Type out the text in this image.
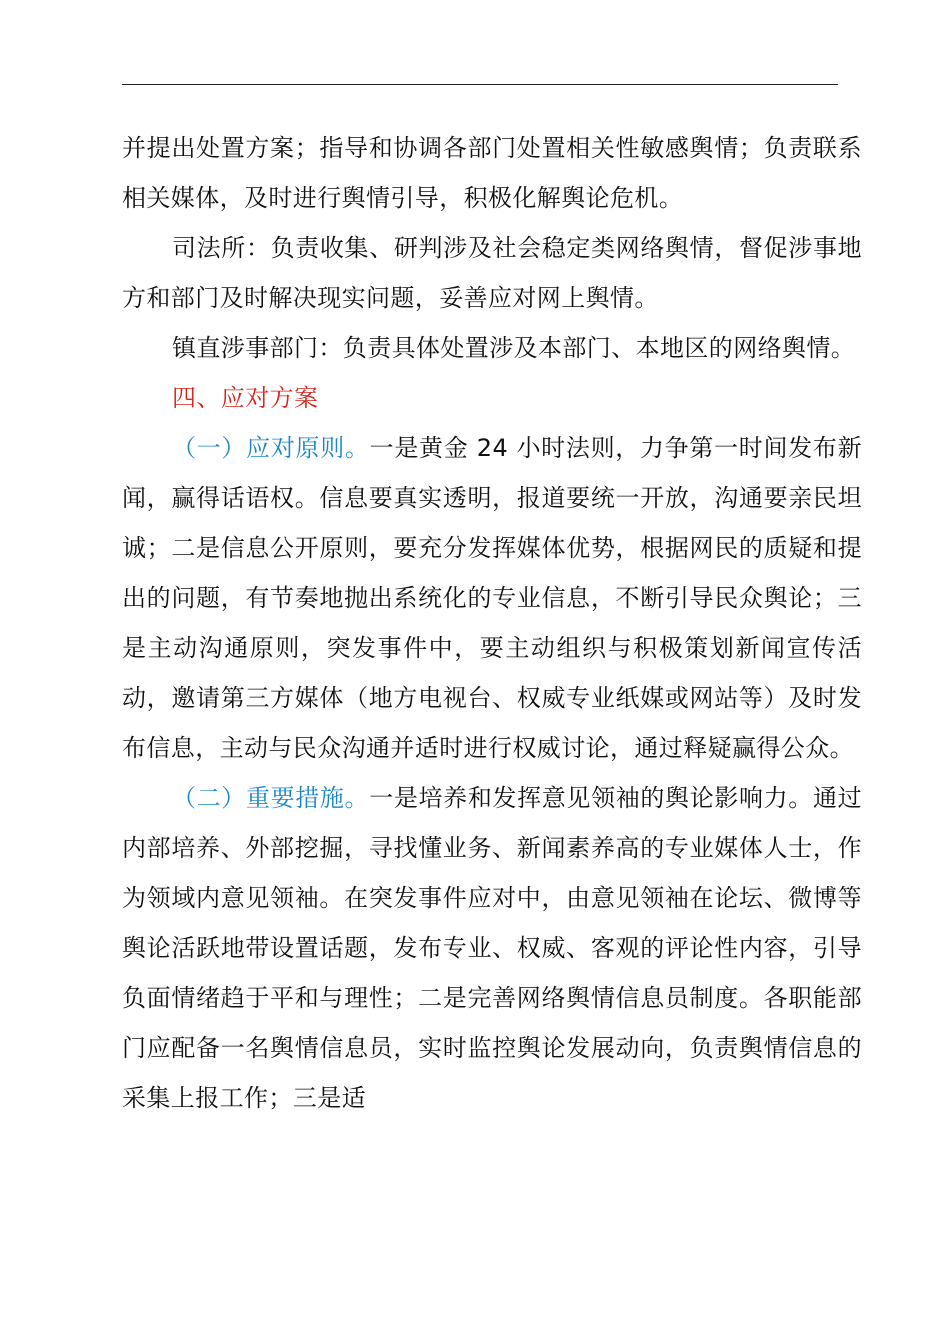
并提出处置方案；指导和协调各部门处置相关性敏感舆情；负责联系相关媒体，及时进行舆情引导，积极化解舆论危机。

司法所：负责收集、研判涉及社会稳定类网络舆情，督促涉事地方和部门及时解决现实问题，妥善应对网上舆情。

镇直涉事部门：负责具体处置涉及本部门、本地区的网络舆情。

四、应对方案

（一）应对原则。一是黄金 24 小时法则，力争第一时间发布新闻，赢得话语权。信息要真实透明，报道要统一开放，沟通要亲民坦诚；二是信息公开原则，要充分发挥媒体优势，根据网民的质疑和提出的问题，有节奏地抛出系统化的专业信息，不断引导民众舆论；三是主动沟通原则，突发事件中，要主动组织与积极策划新闻宣传活动，邀请第三方媒体（地方电视台、权威专业纸媒或网站等）及时发布信息，主动与民众沟通并适时进行权威讨论，通过释疑赢得公众。

（二）重要措施。一是培养和发挥意见领袖的舆论影响力。通过内部培养、外部挖掘，寻找懂业务、新闻素养高的专业媒体人士，作为领域内意见领袖。在突发事件应对中，由意见领袖在论坛、微博等舆论活跃地带设置话题，发布专业、权威、客观的评论性内容，引导负面情绪趋于平和与理性；二是完善网络舆情信息员制度。各职能部门应配备一名舆情信息员，实时监控舆论发展动向，负责舆情信息的采集上报工作；三是适
